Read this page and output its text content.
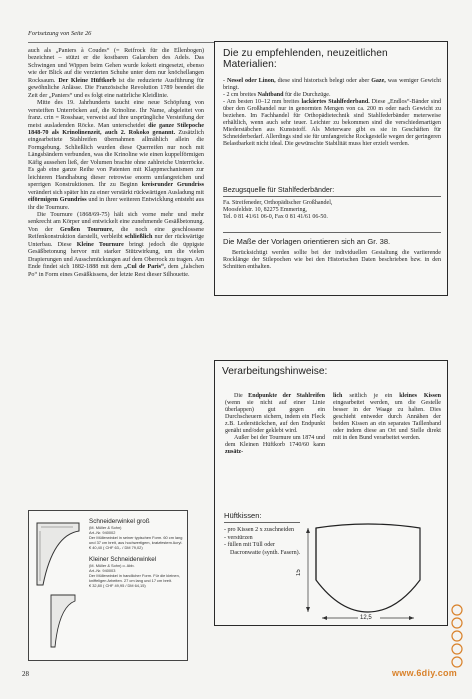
Fortsetzung von Seite 26

auch als „Paniers à Coudes“ (= Reifrock für die Ellenbogen) bezeichnet – stützt er die kostbaren Galaroben des Adels. Das Schwingen und Wippen beim Gehen wurde kokett eingesetzt, ebenso wie der Blick auf die verzierten Schuhe unter dem nur knöchellangen Rocksaum. Der Kleine Hüftkorb ist die reduzierte Ausführung für gewöhnliche Anlässe. Die Französische Revolution 1789 beendet die Zeit der „Paniers“ und es folgt eine natürliche Kleidlinie.

Mitte des 19. Jahrhunderts taucht eine neue Schöpfung von versteiften Unterröcken auf, die Krinoline. Ihr Name, abgeleitet von franz. crin = Rosshaar, verweist auf ihre ursprüngliche Versteifung der meist ausladenden Röcke. Man unterscheidet die ganze Stilepoche 1848-70 als Krinolinenzeit, auch 2. Rokoko genannt. Zusätzlich eingearbeitete Stahlreifen übernahmen allmählich allein die Formgebung. Schließlich wurden diese Querreifen nur noch mit Längsbändern verbunden, was die Krinoline wie einen kuppelförmigen Käfig aussehen ließ, der Volumen brachte ohne zahlreiche Unterröcke. Es gab eine ganze Reihe von Patenten mit Klappmechanismen zur leichteren Handhabung dieser retrowise enorm umfangreichen und sperrigen Konstruktionen. Ihr zu Beginn kreisrunder Grundriss verändert sich später hin zu einer verstärkt rückwärtigen Ausladung mit eiförmigem Grundriss und in ihrer weiteren Entwicklung entsteht aus ihr die Tournure.

Die Tournure (1868/69-75) hält sich vorne mehr und mehr senkrecht am Körper und entwickelt eine zunehmende Gesäßbetonung. Von der Großen Tournure, die noch eine geschlossene Reifenkonstruktion darstellt, verbleibt schließlich nur der rückwärtige Unterbau. Diese Kleine Tournure bringt jedoch die üppigste Gesäßbetonung hervor mit starker Stützwirkung, um die vielen Drapierungen und Ausschmückungen auf dem Oberrock zu tragen. Am Ende findet sich 1882-1888 mit dem „Cul de Paris“, dem „falschen Po“ in Form eines Gesäßkissens, der letzte Rest dieser Silhouette.

Die zu empfehlenden, neuzeitlichen Materialien:

- Nessel oder Linon, diese sind historisch belegt oder aber Gaze, was weniger Gewicht bringt.

- 2 cm breites Nahtband für die Durchzüge.

- Am besten 10–12 mm breites lackiertes Stahlfederband. Diese „Endlos“-Bänder sind über den Großhandel nur in genormten Mengen von ca. 200 m oder nach Gewicht zu beziehen. Im Fachhandel für Orthopädietechnik sind Stahlfederbänder meterweise erhältlich, wenn auch sehr teuer. Leichter zu bekommen sind die verschiedenartigen Miederstäbchen aus Kunststoff. Als Meterware gibt es sie in Geschäften für Schneiderbedarf. Allerdings sind sie für umfangreiche Rockgestelle wegen der geringeren Belastbarkeit nicht ideal. Die gewünschte Stabilität muss hier erzielt werden.

Bezugsquelle für Stahlfederbänder:
Fa. Streifeneder, Orthopädischer Großhandel,
Moosfeldstr. 10, 82275 Emmering,
Tel. 0 81 41/61 06-0, Fax 0 81 41/61 06-50.
Die Maße der Vorlagen orientieren sich an Gr. 38.
Berücksichtigt werden sollte bei der individuellen Gestaltung die variierende Rocklänge der Stilepochen wie bei den Historischen Daten beschrieben bzw. in den Schnitten enthalten.
Verarbeitungshinweise:

Die Endpunkte der Stahlreifen (wenn sie nicht auf einer Linie überlappen) gut gegen ein Durchscheuern sichern, indem ein Fleck z.B. Lederstückchen, auf den Endpunkt genäht und/oder geklebt wird.

Außer bei der Tournure um 1874 und dem Kleinen Hüftkorb 1740/60 kann zusätz-

lich seitlich je ein kleines Kissen eingearbeitet werden, um die Gestelle besser in der Waage zu halten. Dies geschieht entweder durch Annähen der beiden Kissen an ein separates Taillenband oder indem diese an Ort und Stelle direkt mit in den Bund verarbeitet werden.

Hüftkissen:
- pro Kissen 2 x zuschneiden
- verstürzen
- füllen mit Tüll oder Dacronwatte (synth. Fasern).
15
12,5
Schneiderwinkel groß
(M. Müller & Sohn)
Art.-Nr. 940002
Der Müllerwinkel in seiner typischen Form. 60 cm lang und 37 cm breit, aus hochwertigem, kratzfestem Acryl.
€ 40,40 ( CHF 63,- / DM 79,02)
Kleiner Schneiderwinkel
(M. Müller & Sohn) o. Abb.
Art.-Nr. 940003
Der Müllerwinkel in handlicher Form. Für die kleinen, kniffeligen Arbeiten. 27 cm lang und 17 cm breit.
€ 32,80 ( CHF 49,95 / DM 64,15)
28	www.6diy.com
